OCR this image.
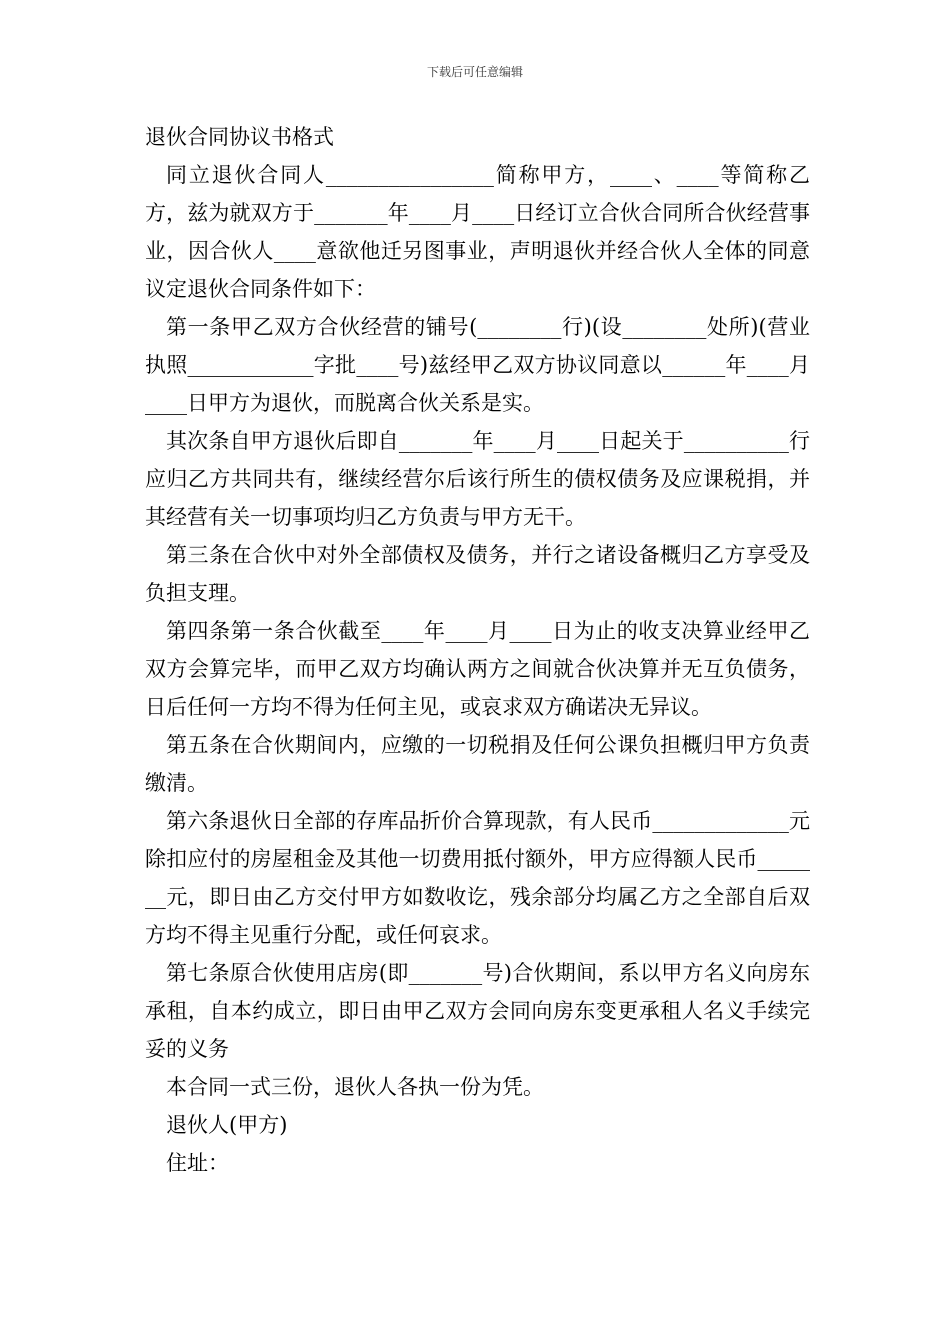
下载后可任意编辑
退伙合同协议书格式

同立退伙合同人________________简称甲方，____、____等简称乙方，兹为就双方于_______年____月____日经订立合伙合同所合伙经营事业，因合伙人____意欲他迁另图事业，声明退伙并经合伙人全体的同意议定退伙合同条件如下：

第一条甲乙双方合伙经营的铺号(________行)(设________处所)(营业执照____________字批____号)兹经甲乙双方协议同意以______年____月____日甲方为退伙，而脱离合伙关系是实。

其次条自甲方退伙后即自_______年____月____日起关于__________行应归乙方共同共有，继续经营尔后该行所生的债权债务及应课税捐，并其经营有关一切事项均归乙方负责与甲方无干。

第三条在合伙中对外全部债权及债务，并行之诸设备概归乙方享受及负担支理。

第四条第一条合伙截至____年____月____日为止的收支决算业经甲乙双方会算完毕，而甲乙双方均确认两方之间就合伙决算并无互负债务，日后任何一方均不得为任何主见，或哀求双方确诺决无异议。

第五条在合伙期间内，应缴的一切税捐及任何公课负担概归甲方负责缴清。

第六条退伙日全部的存库品折价合算现款，有人民币_____________元除扣应付的房屋租金及其他一切费用抵付额外，甲方应得额人民币_______元，即日由乙方交付甲方如数收讫，残余部分均属乙方之全部自后双方均不得主见重行分配，或任何哀求。

第七条原合伙使用店房(即_______号)合伙期间，系以甲方名义向房东承租，自本约成立，即日由甲乙双方会同向房东变更承租人名义手续完妥的义务

本合同一式三份，退伙人各执一份为凭。

退伙人(甲方)

住址：
